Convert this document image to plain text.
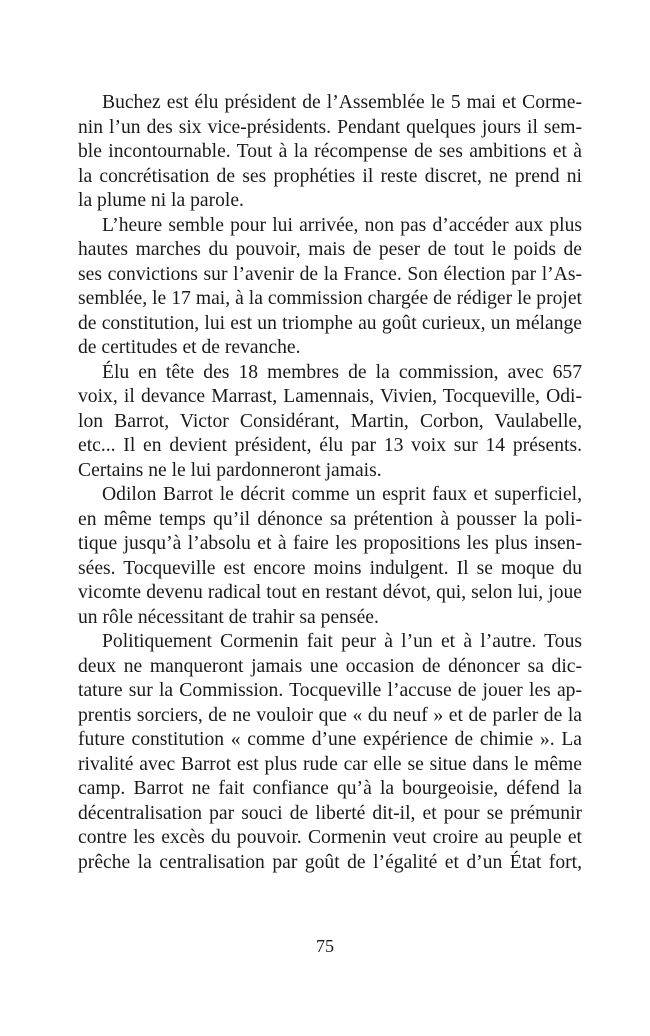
Buchez est élu président de l’Assemblée le 5 mai et Corme-
nin l’un des six vice-présidents. Pendant quelques jours il sem-
ble incontournable. Tout à la récompense de ses ambitions et à
la concrétisation de ses prophéties il reste discret, ne prend ni
la plume ni la parole.
L’heure semble pour lui arrivée, non pas d’accéder aux plus
hautes marches du pouvoir, mais de peser de tout le poids de
ses convictions sur l’avenir de la France. Son élection par l’As-
semblée, le 17 mai, à la commission chargée de rédiger le projet
de constitution, lui est un triomphe au goût curieux, un mélange
de certitudes et de revanche.
Élu en tête des 18 membres de la commission, avec 657
voix, il devance Marrast, Lamennais, Vivien, Tocqueville, Odi-
lon Barrot, Victor Considérant, Martin, Corbon, Vaulabelle,
etc... Il en devient président, élu par 13 voix sur 14 présents.
Certains ne le lui pardonneront jamais.
Odilon Barrot le décrit comme un esprit faux et superficiel,
en même temps qu’il dénonce sa prétention à pousser la poli-
tique jusqu’à l’absolu et à faire les propositions les plus insen-
sées. Tocqueville est encore moins indulgent. Il se moque du
vicomte devenu radical tout en restant dévot, qui, selon lui, joue
un rôle nécessitant de trahir sa pensée.
Politiquement Cormenin fait peur à l’un et à l’autre. Tous
deux ne manqueront jamais une occasion de dénoncer sa dic-
tature sur la Commission. Tocqueville l’accuse de jouer les ap-
prentis sorciers, de ne vouloir que « du neuf » et de parler de la
future constitution « comme d’une expérience de chimie ». La
rivalité avec Barrot est plus rude car elle se situe dans le même
camp. Barrot ne fait confiance qu’à la bourgeoisie, défend la
décentralisation par souci de liberté dit-il, et pour se prémunir
contre les excès du pouvoir. Cormenin veut croire au peuple et
prêche la centralisation par goût de l’égalité et d’un État fort,
75
